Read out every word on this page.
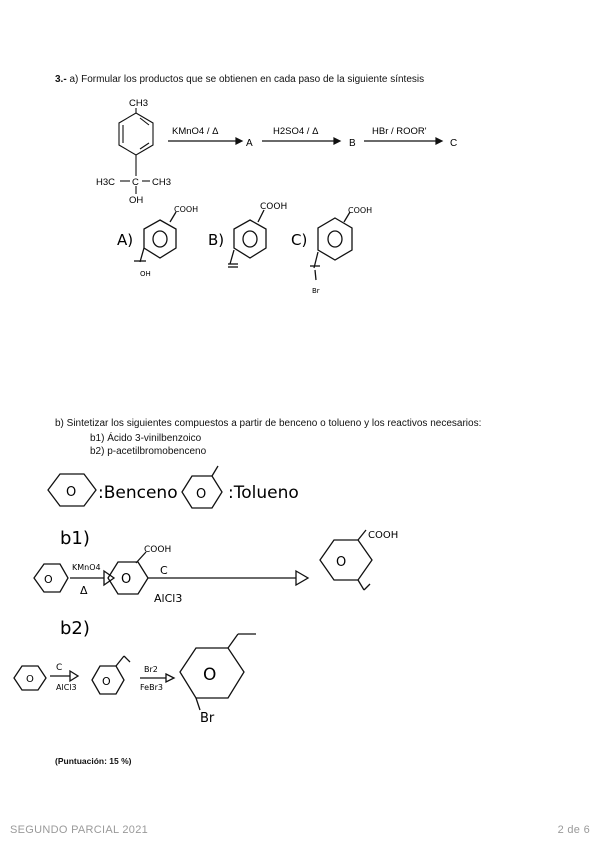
3.- a) Formular los productos que se obtienen en cada paso de la siguiente síntesis
CH3
H3C C CH3
OH
KMnO4 / Δ
A
H2SO4 / Δ
B
HBr / ROOR'
C
A)
COOH
OH
B)
COOH
C)
COOH
Br
O	O
:Benceno	:Tolueno
b1)
O
KMnO4
Δ
O
COOH
C
AlCl3
O
COOH
b2)
O
C
AlCl3 O
Br2
FeBr3
O
Br
b) Sintetizar los siguientes compuestos a partir de benceno o tolueno y los reactivos necesarios:
b1) Ácido 3-vinilbenzoico
b2) p-acetilbromobenceno
(Puntuación: 15 %)
SEGUNDO PARCIAL 2021	2 de 6
